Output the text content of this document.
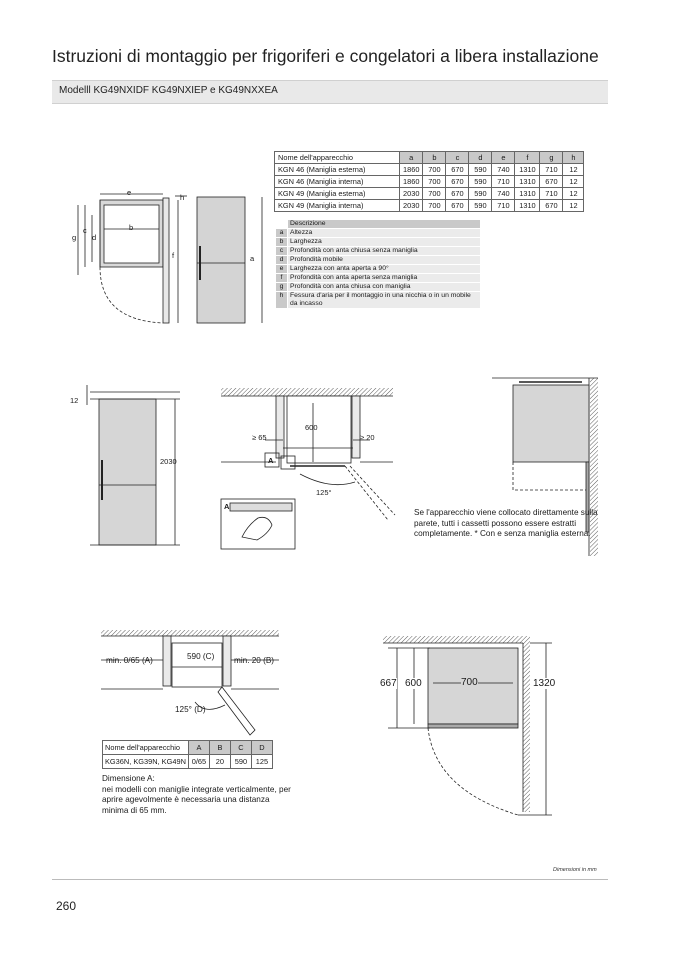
Istruzioni di montaggio per frigoriferi e congelatori a libera installazione
Modelll KG49NXIDF KG49NXIEP e KG49NXXEA
e
b
c
d
g
h
f	a
Nome dell'apparecchio	a	b	c	d	e	f	g	h
KGN 46 (Maniglia esterna)	1860	700	670	590	740	1310	710	12
KGN 46 (Maniglia interna)	1860	700	670	590	710	1310	670	12
KGN 49 (Maniglia esterna)	2030	700	670	590	740	1310	710	12
KGN 49 (Maniglia interna)	2030	700	670	590	710	1310	670	12
	Descrizione
a	Altezza
b	Larghezza
c	Profondità con anta chiusa senza maniglia
d	Profondità mobile
e	Larghezza con anta aperta a 90°
f	Profondità con anta aperta senza maniglia
g	Profondità con anta chiusa con maniglia
h	Fessura d'aria per il montaggio in una nicchia o in un mobile da incasso
12
2030
600
≥ 65	≥ 20
A
125°
A
Se l'apparecchio viene collocato direttamente sulla parete, tutti i cassetti possono essere estratti completamente. * Con e senza maniglia esterna.
min. 0/65 (A)	590 (C) min. 20 (B)
125° (D)
Nome dell'apparecchio	A	B	C	D
KG36N, KG39N, KG49N	0/65	20	590	125
Dimensione A:
nei modelli con maniglie integrate verticalmente, per aprire agevolmente è necessaria una distanza minima di 65 mm.
667 600	700	1320
Dimensioni in mm
260
